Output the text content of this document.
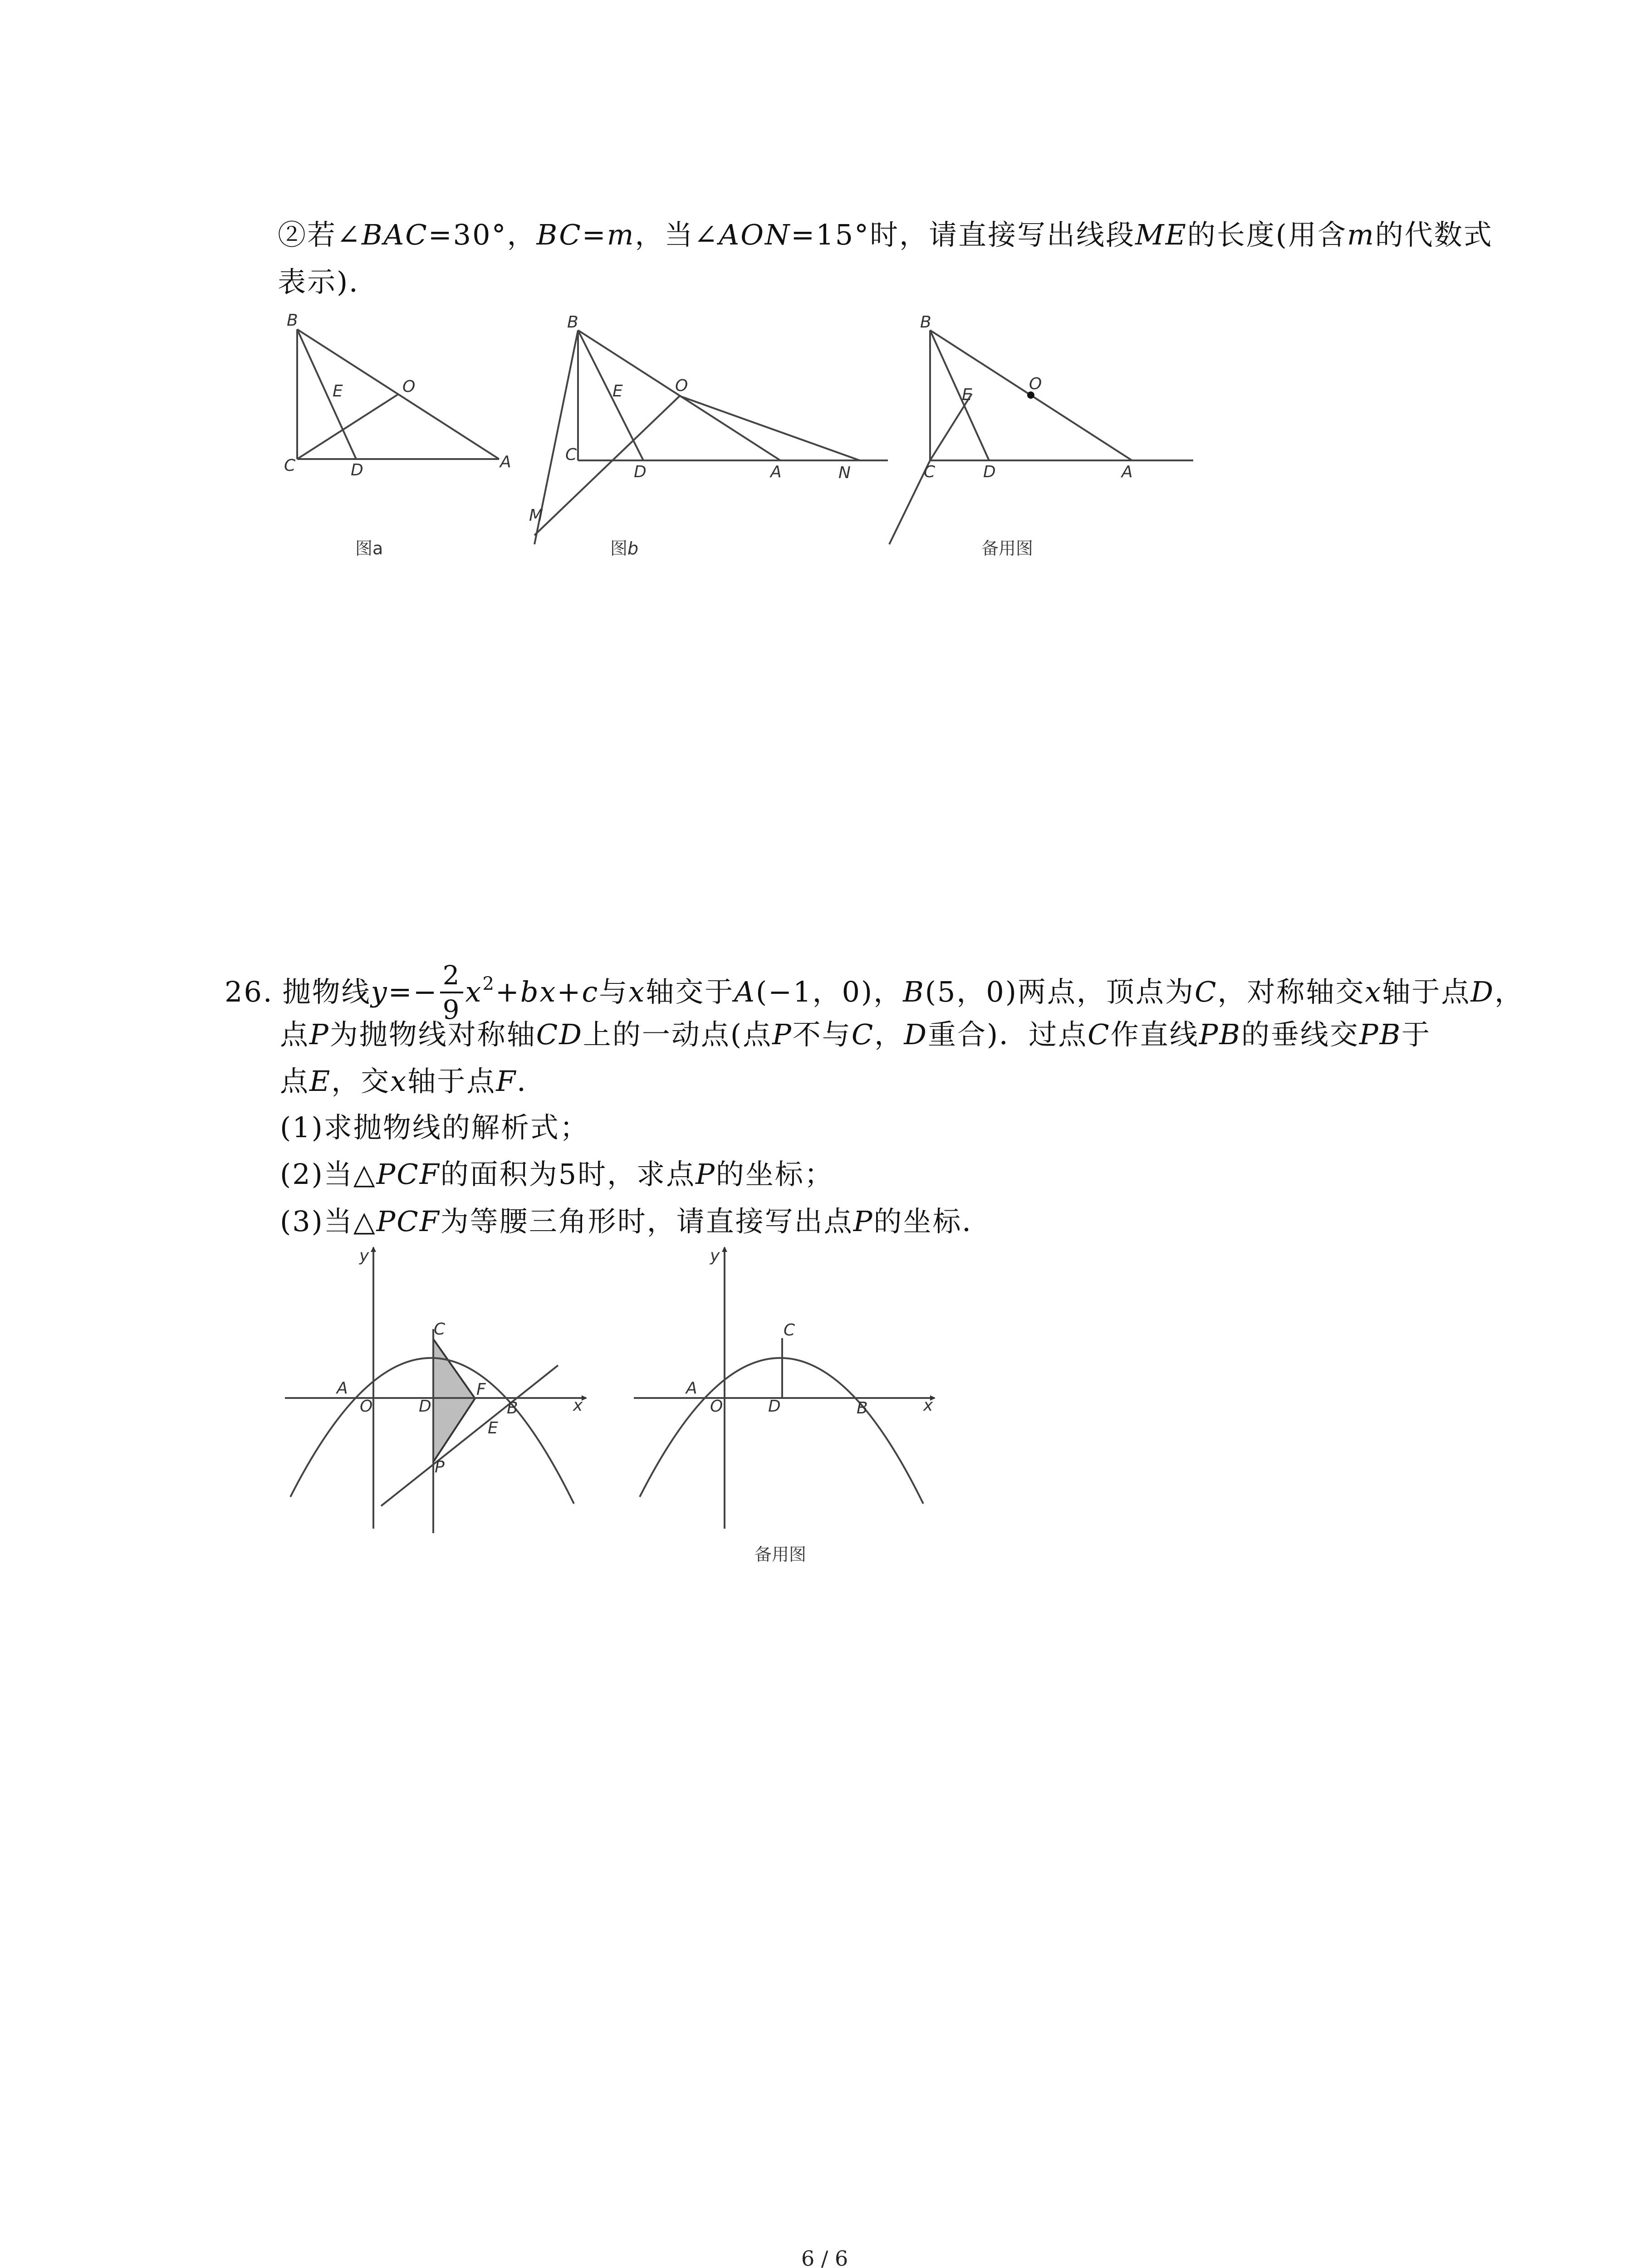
②若∠BAC=30°，BC=m，当∠AON=15°时，请直接写出线段ME的长度(用含m的代数式
表示)．
B
C
E	O
D	A
B
C
E	O
D	A	N
M
B
C
E
O
D	A
图a	图b	备用图
26. 抛物线$y=- \frac{2}{9} x^2+bx+c$与x轴交于A(−1，0)，B(5，0)两点，顶点为C，对称轴交x轴于点D，
点P为抛物线对称轴CD上的一动点(点P不与C，D重合)．过点C作直线PB的垂线交PB于
点E，交x轴于点F．
(1)求抛物线的解析式；
(2)当△PCF的面积为5时，求点P的坐标；
(3)当△PCF为等腰三角形时，请直接写出点P的坐标．
y
x
A
O	D
C
F
B
E
P
y
x
A
O	D
C
B
备用图
6 / 6
